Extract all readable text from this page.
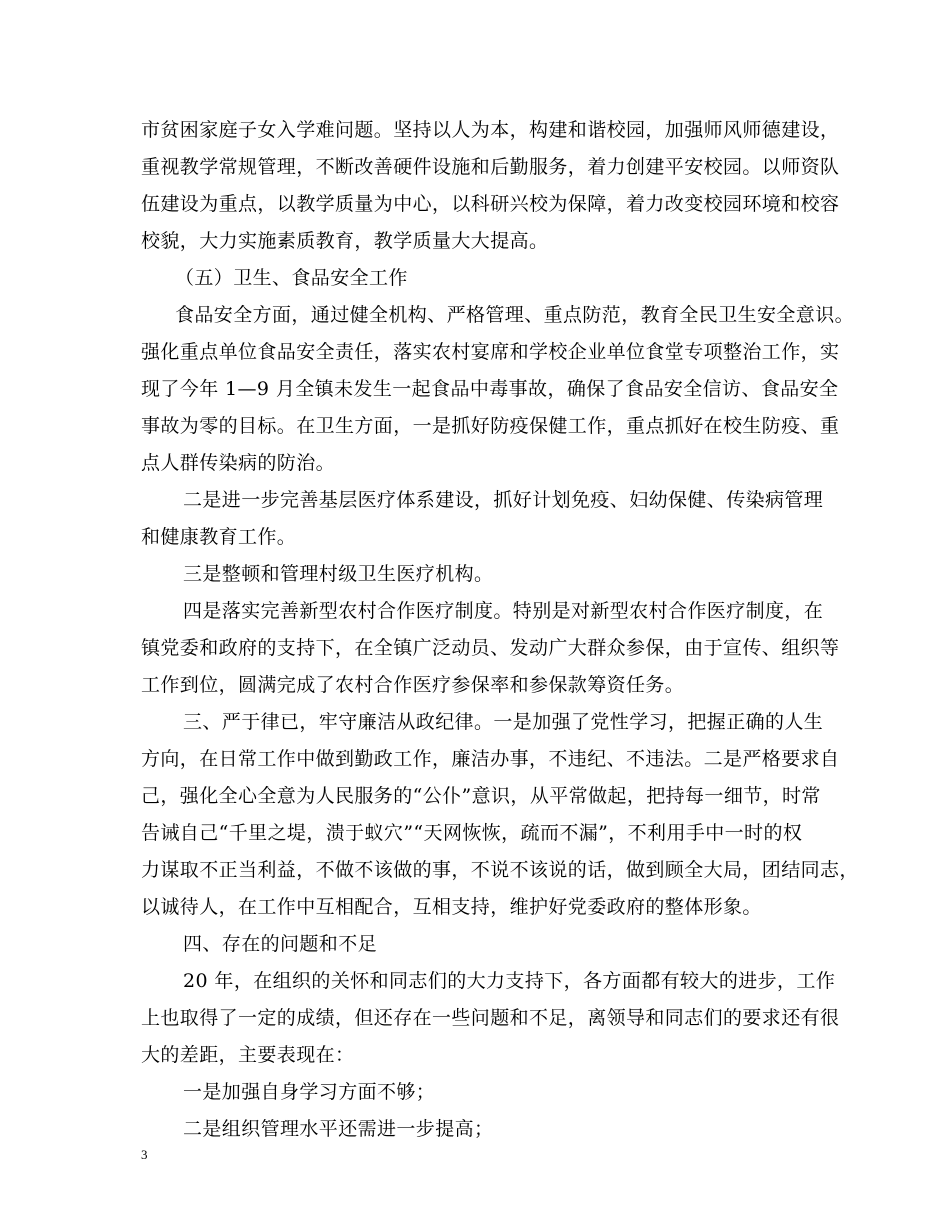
市贫困家庭子女入学难问题。坚持以人为本，构建和谐校园，加强师风师德建设，
重视教学常规管理，不断改善硬件设施和后勤服务，着力创建平安校园。以师资队
伍建设为重点，以教学质量为中心，以科研兴校为保障，着力改变校园环境和校容
校貌，大力实施素质教育，教学质量大大提高。
（五）卫生、食品安全工作
食品安全方面，通过健全机构、严格管理、重点防范，教育全民卫生安全意识。
强化重点单位食品安全责任，落实农村宴席和学校企业单位食堂专项整治工作，实
现了今年 1—9 月全镇未发生一起食品中毒事故，确保了食品安全信访、食品安全
事故为零的目标。在卫生方面，一是抓好防疫保健工作，重点抓好在校生防疫、重
点人群传染病的防治。
二是进一步完善基层医疗体系建设，抓好计划免疫、妇幼保健、传染病管理
和健康教育工作。
三是整顿和管理村级卫生医疗机构。
四是落实完善新型农村合作医疗制度。特别是对新型农村合作医疗制度，在
镇党委和政府的支持下，在全镇广泛动员、发动广大群众参保，由于宣传、组织等
工作到位，圆满完成了农村合作医疗参保率和参保款筹资任务。
三、严于律已，牢守廉洁从政纪律。一是加强了党性学习，把握正确的人生
方向，在日常工作中做到勤政工作，廉洁办事，不违纪、不违法。二是严格要求自
己，强化全心全意为人民服务的“公仆”意识，从平常做起，把持每一细节，时常
告诫自己“千里之堤，溃于蚁穴”“天网恢恢，疏而不漏”，不利用手中一时的权
力谋取不正当利益，不做不该做的事，不说不该说的话，做到顾全大局，团结同志，
以诚待人，在工作中互相配合，互相支持，维护好党委政府的整体形象。
四、存在的问题和不足
20 年，在组织的关怀和同志们的大力支持下，各方面都有较大的进步，工作
上也取得了一定的成绩，但还存在一些问题和不足，离领导和同志们的要求还有很
大的差距，主要表现在：
一是加强自身学习方面不够；
二是组织管理水平还需进一步提高；
3
